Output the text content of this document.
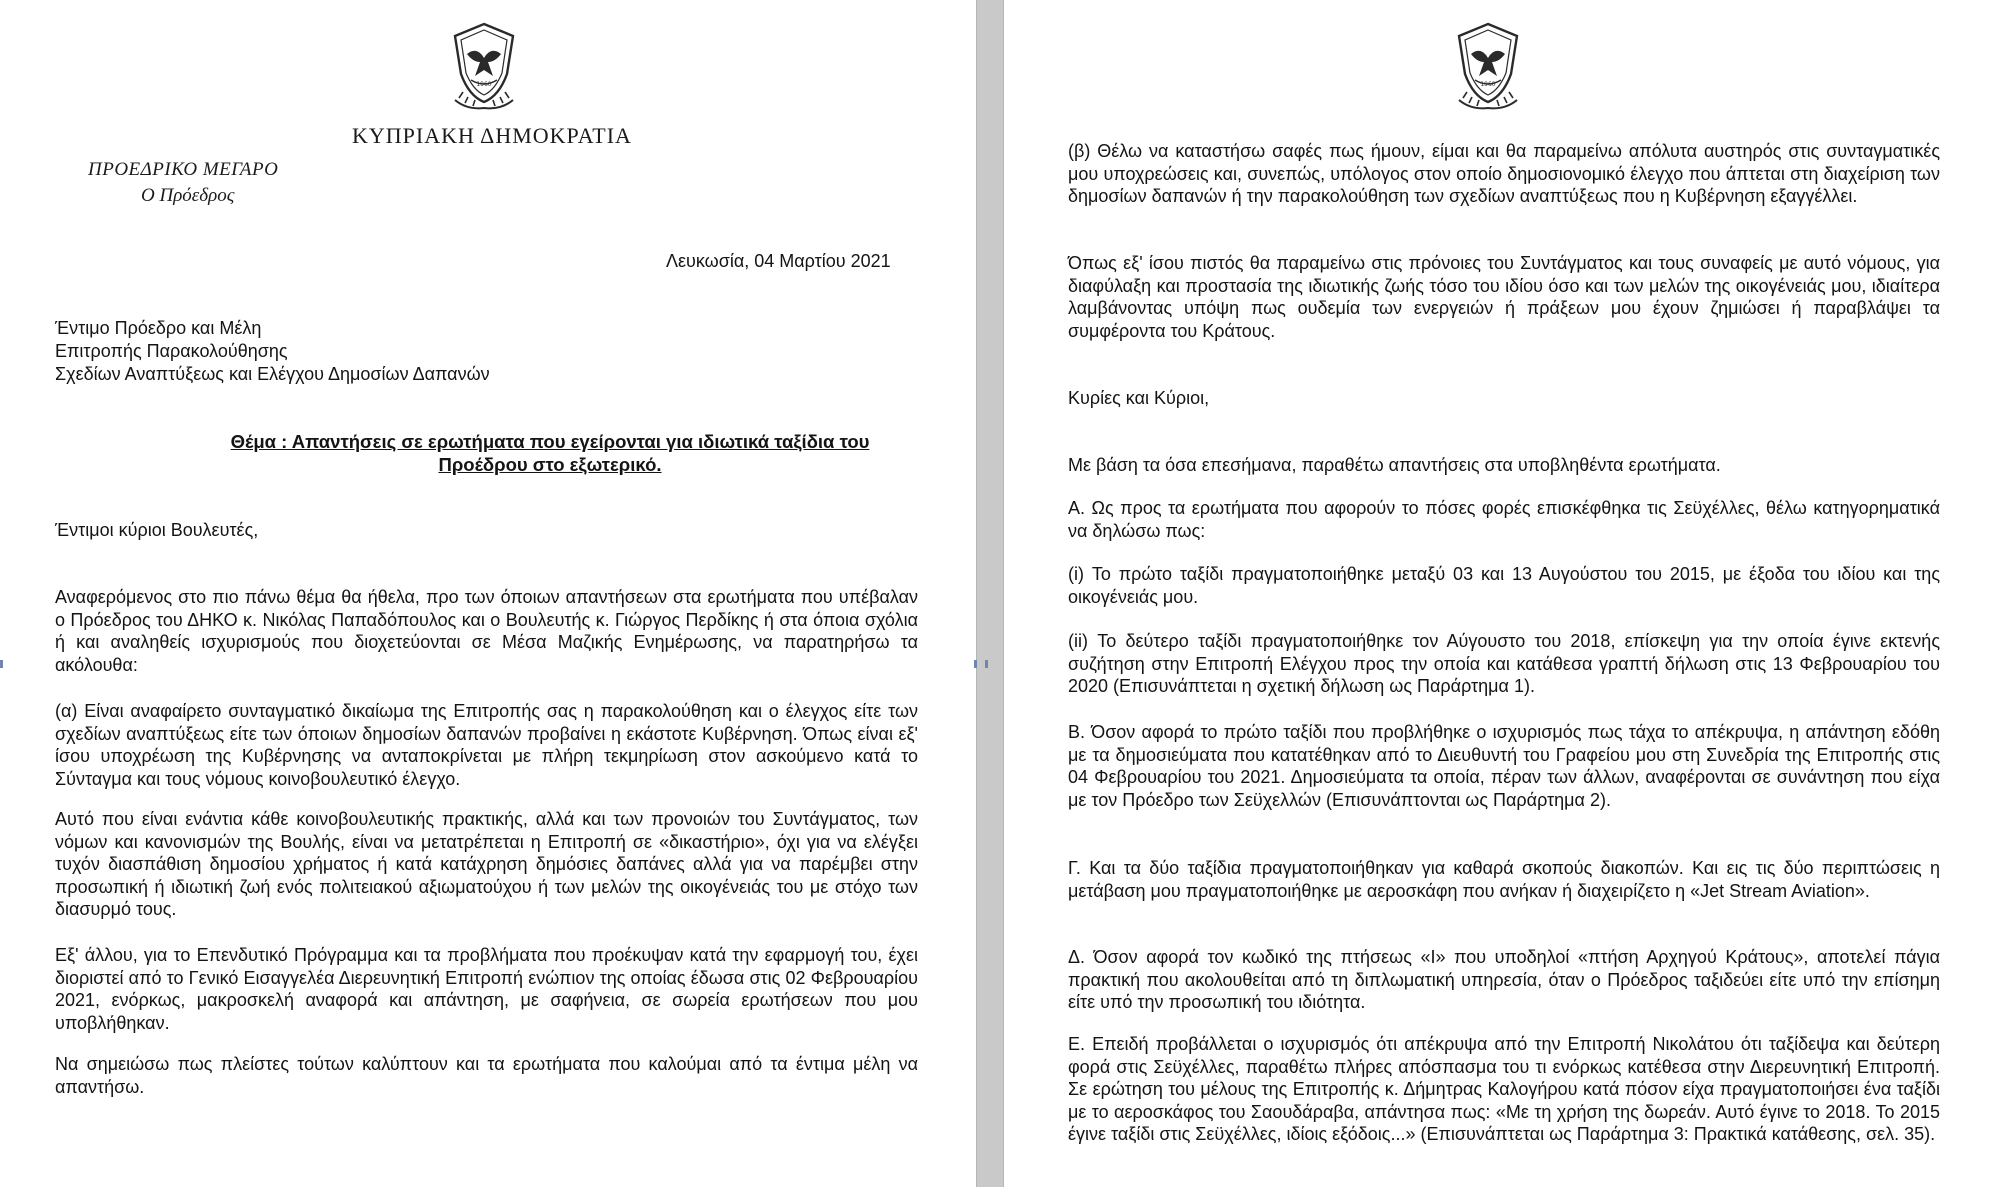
1960
ΚΥΠΡΙΑΚΗ ΔΗΜΟΚΡΑΤΙΑ
ΠΡΟΕΔΡΙΚΟ ΜΕΓΑΡΟ
Ο Πρόεδρος
Λευκωσία, 04 Μαρτίου 2021
Έντιμο Πρόεδρο και Μέλη
Επιτροπής Παρακολούθησης
Σχεδίων Αναπτύξεως και Ελέγχου Δημοσίων Δαπανών
Θέμα : Απαντήσεις σε ερωτήματα που εγείρονται για ιδιωτικά ταξίδια του Προέδρου στο εξωτερικό.
Έντιμοι κύριοι Βουλευτές,
Αναφερόμενος στο πιο πάνω θέμα θα ήθελα, προ των όποιων απαντήσεων στα ερωτήματα που υπέβαλαν ο Πρόεδρος του ΔΗΚΟ κ. Νικόλας Παπαδόπουλος και ο Βουλευτής κ. Γιώργος Περδίκης ή στα όποια σχόλια ή και αναληθείς ισχυρισμούς που διοχετεύονται σε Μέσα Μαζικής Ενημέρωσης, να παρατηρήσω τα ακόλουθα:
(α) Είναι αναφαίρετο συνταγματικό δικαίωμα της Επιτροπής σας η παρακολούθηση και ο έλεγχος είτε των σχεδίων αναπτύξεως είτε των όποιων δημοσίων δαπανών προβαίνει η εκάστοτε Κυβέρνηση. Όπως είναι εξ' ίσου υποχρέωση της Κυβέρνησης να ανταποκρίνεται με πλήρη τεκμηρίωση στον ασκούμενο κατά το Σύνταγμα και τους νόμους κοινοβουλευτικό έλεγχο.
Αυτό που είναι ενάντια κάθε κοινοβουλευτικής πρακτικής, αλλά και των προνοιών του Συντάγματος, των νόμων και κανονισμών της Βουλής, είναι να μετατρέπεται η Επιτροπή σε «δικαστήριο», όχι για να ελέγξει τυχόν διασπάθιση δημοσίου χρήματος ή κατά κατάχρηση δημόσιες δαπάνες αλλά για να παρέμβει στην προσωπική ή ιδιωτική ζωή ενός πολιτειακού αξιωματούχου ή των μελών της οικογένειάς του με στόχο των διασυρμό τους.
Εξ' άλλου, για το Επενδυτικό Πρόγραμμα και τα προβλήματα που προέκυψαν κατά την εφαρμογή του, έχει διοριστεί από το Γενικό Εισαγγελέα Διερευνητική Επιτροπή ενώπιον της οποίας έδωσα στις 02 Φεβρουαρίου 2021, ενόρκως, μακροσκελή αναφορά και απάντηση, με σαφήνεια, σε σωρεία ερωτήσεων που μου υποβλήθηκαν.
Να σημειώσω πως πλείστες τούτων καλύπτουν και τα ερωτήματα που καλούμαι από τα έντιμα μέλη να απαντήσω.
1960
(β) Θέλω να καταστήσω σαφές πως ήμουν, είμαι και θα παραμείνω απόλυτα αυστηρός στις συνταγματικές μου υποχρεώσεις και, συνεπώς, υπόλογος στον οποίο δημοσιονομικό έλεγχο που άπτεται στη διαχείριση των δημοσίων δαπανών ή την παρακολούθηση των σχεδίων αναπτύξεως που η Κυβέρνηση εξαγγέλλει.
Όπως εξ' ίσου πιστός θα παραμείνω στις πρόνοιες του Συντάγματος και τους συναφείς με αυτό νόμους, για διαφύλαξη και προστασία της ιδιωτικής ζωής τόσο του ιδίου όσο και των μελών της οικογένειάς μου, ιδιαίτερα λαμβάνοντας υπόψη πως ουδεμία των ενεργειών ή πράξεων μου έχουν ζημιώσει ή παραβλάψει τα συμφέροντα του Κράτους.
Κυρίες και Κύριοι,
Με βάση τα όσα επεσήμανα, παραθέτω απαντήσεις στα υποβληθέντα ερωτήματα.
Α. Ως προς τα ερωτήματα που αφορούν το πόσες φορές επισκέφθηκα τις Σεϋχέλλες, θέλω κατηγορηματικά να δηλώσω πως:
(i) Το πρώτο ταξίδι πραγματοποιήθηκε μεταξύ 03 και 13 Αυγούστου του 2015, με έξοδα του ιδίου και της οικογένειάς μου.
(ii) Το δεύτερο ταξίδι πραγματοποιήθηκε τον Αύγουστο του 2018, επίσκεψη για την οποία έγινε εκτενής συζήτηση στην Επιτροπή Ελέγχου προς την οποία και κατάθεσα γραπτή δήλωση στις 13 Φεβρουαρίου του 2020 (Επισυνάπτεται η σχετική δήλωση ως Παράρτημα 1).
Β. Όσον αφορά το πρώτο ταξίδι που προβλήθηκε ο ισχυρισμός πως τάχα το απέκρυψα, η απάντηση εδόθη με τα δημοσιεύματα που κατατέθηκαν από το Διευθυντή του Γραφείου μου στη Συνεδρία της Επιτροπής στις 04 Φεβρουαρίου του 2021. Δημοσιεύματα τα οποία, πέραν των άλλων, αναφέρονται σε συνάντηση που είχα με τον Πρόεδρο των Σεϋχελλών (Επισυνάπτονται ως Παράρτημα 2).
Γ. Και τα δύο ταξίδια πραγματοποιήθηκαν για καθαρά σκοπούς διακοπών. Και εις τις δύο περιπτώσεις η μετάβαση μου πραγματοποιήθηκε με αεροσκάφη που ανήκαν ή διαχειρίζετο η «Jet Stream Aviation».
Δ. Όσον αφορά τον κωδικό της πτήσεως «Ι» που υποδηλοί «πτήση Αρχηγού Κράτους», αποτελεί πάγια πρακτική που ακολουθείται από τη διπλωματική υπηρεσία, όταν ο Πρόεδρος ταξιδεύει είτε υπό την επίσημη είτε υπό την προσωπική του ιδιότητα.
Ε. Επειδή προβάλλεται ο ισχυρισμός ότι απέκρυψα από την Επιτροπή Νικολάτου ότι ταξίδεψα και δεύτερη φορά στις Σεϋχέλλες, παραθέτω πλήρες απόσπασμα του τι ενόρκως κατέθεσα στην Διερευνητική Επιτροπή. Σε ερώτηση του μέλους της Επιτροπής κ. Δήμητρας Καλογήρου κατά πόσον είχα πραγματοποιήσει ένα ταξίδι με το αεροσκάφος του Σαουδάραβα, απάντησα πως: «Με τη χρήση της δωρεάν. Αυτό έγινε το 2018. Το 2015 έγινε ταξίδι στις Σεϋχέλλες, ιδίοις εξόδοις...» (Επισυνάπτεται ως Παράρτημα 3: Πρακτικά κατάθεσης, σελ. 35).
